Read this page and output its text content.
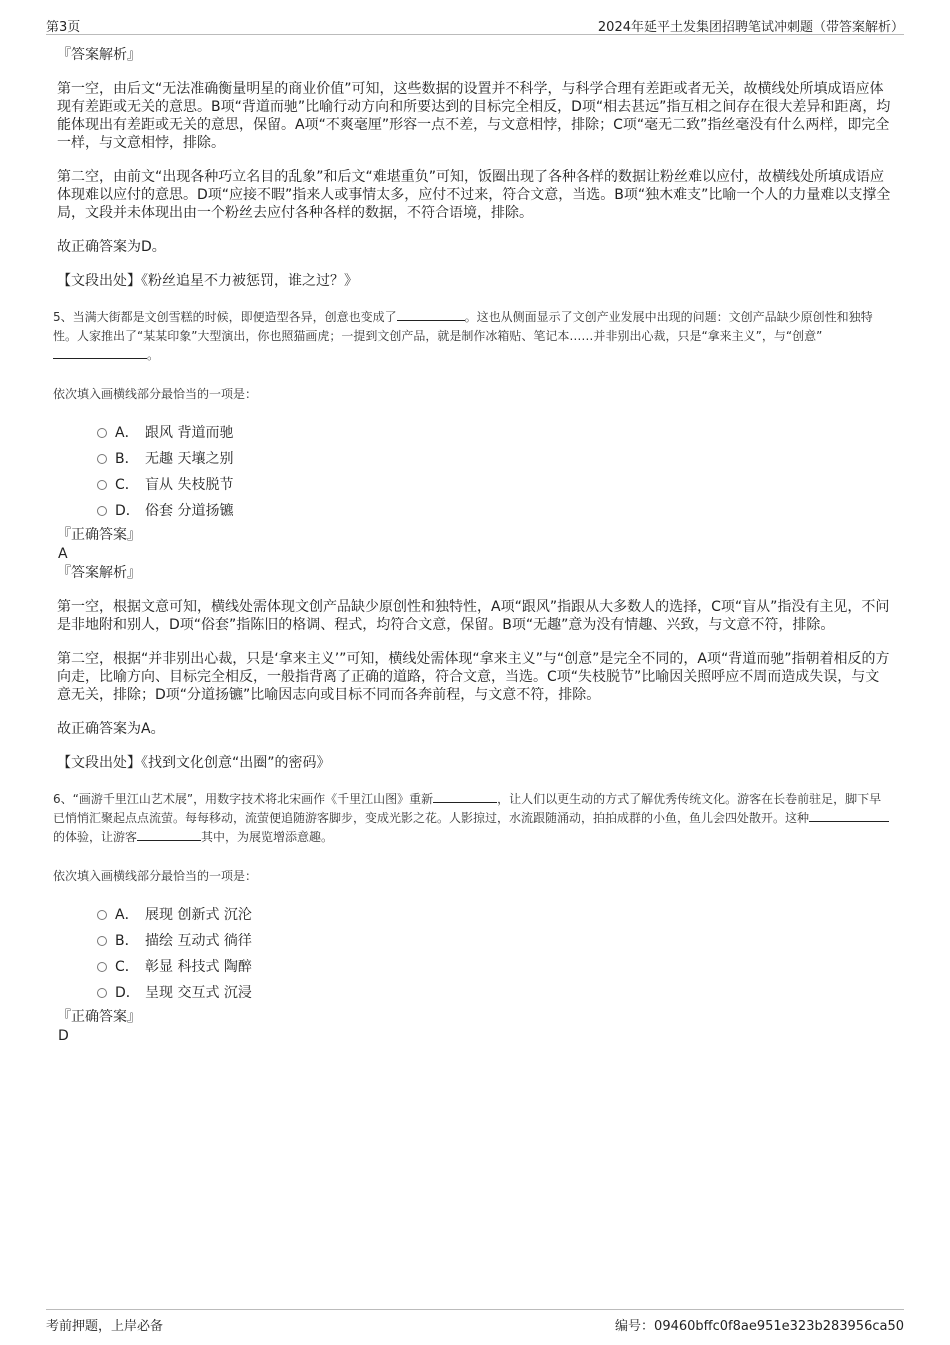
第3页	2024年延平土发集团招聘笔试冲刺题（带答案解析）

『答案解析』

第一空，由后文“无法准确衡量明星的商业价值”可知，这些数据的设置并不科学，与科学合理有差距或者无关，故横线处所填成语应体现有差距或无关的意思。B项“背道而驰”比喻行动方向和所要达到的目标完全相反，D项“相去甚远”指互相之间存在很大差异和距离，均能体现出有差距或无关的意思，保留。A项“不爽毫厘”形容一点不差，与文意相悖，排除；C项“毫无二致”指丝毫没有什么两样，即完全一样，与文意相悖，排除。

第二空，由前文“出现各种巧立名目的乱象”和后文“难堪重负”可知，饭圈出现了各种各样的数据让粉丝难以应付，故横线处所填成语应体现难以应付的意思。D项“应接不暇”指来人或事情太多，应付不过来，符合文意，当选。B项“独木难支”比喻一个人的力量难以支撑全局，文段并未体现出由一个粉丝去应付各种各样的数据，不符合语境，排除。

故正确答案为D。

【文段出处】《粉丝追星不力被惩罚，谁之过？》

5、当满大街都是文创雪糕的时候，即便造型各异，创意也变成了	。这也从侧面显示了文创产业发展中出现的问题：文创产品缺少原创性和独特性。人家推出了“某某印象”大型演出，你也照猫画虎；一提到文创产品，就是制作冰箱贴、笔记本……并非别出心裁，只是“拿来主义”，与“创意”。

依次填入画横线部分最恰当的一项是：

A． 跟风 背道而驰
B． 无趣 天壤之别
C． 盲从 失枝脱节
D． 俗套 分道扬镳

『正确答案』

A

『答案解析』

第一空，根据文意可知，横线处需体现文创产品缺少原创性和独特性，A项“跟风”指跟从大多数人的选择，C项“盲从”指没有主见，不问是非地附和别人，D项“俗套”指陈旧的格调、程式，均符合文意，保留。B项“无趣”意为没有情趣、兴致，与文意不符，排除。

第二空，根据“并非别出心裁，只是‘拿来主义’”可知，横线处需体现“拿来主义”与“创意”是完全不同的，A项“背道而驰”指朝着相反的方向走，比喻方向、目标完全相反，一般指背离了正确的道路，符合文意，当选。C项“失枝脱节”比喻因关照呼应不周而造成失误，与文意无关，排除；D项“分道扬镳”比喻因志向或目标不同而各奔前程，与文意不符，排除。

故正确答案为A。

【文段出处】《找到文化创意“出圈”的密码》

6、“画游千里江山艺术展”，用数字技术将北宋画作《千里江山图》重新	，让人们以更生动的方式了解优秀传统文化。游客在长卷前驻足，脚下早已悄悄汇聚起点点流萤。每每移动，流萤便追随游客脚步，变成光影之花。人影掠过，水流跟随涌动，拍拍成群的小鱼，鱼儿会四处散开。这种的体验，让游客	其中，为展览增添意趣。

依次填入画横线部分最恰当的一项是：

A． 展现 创新式 沉沦
B． 描绘 互动式 徜徉
C． 彰显 科技式 陶醉
D． 呈现 交互式 沉浸

『正确答案』

D

考前押题，上岸必备	编号：09460bffc0f8ae951e323b283956ca50
